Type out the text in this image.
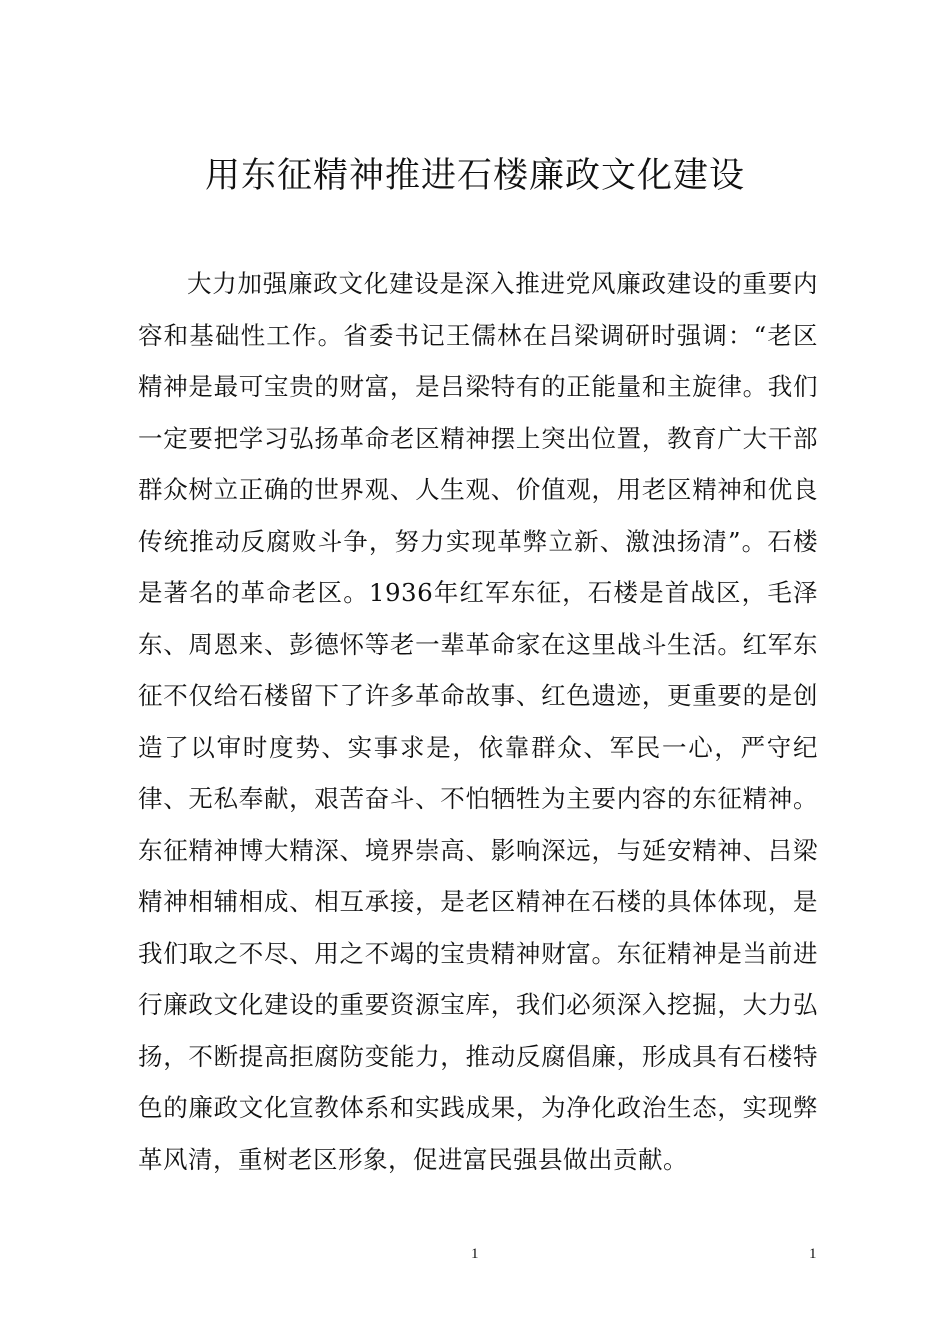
用东征精神推进石楼廉政文化建设

大力加强廉政文化建设是深入推进党风廉政建设的重要内容和基础性工作。省委书记王儒林在吕梁调研时强调：“老区精神是最可宝贵的财富，是吕梁特有的正能量和主旋律。我们一定要把学习弘扬革命老区精神摆上突出位置，教育广大干部群众树立正确的世界观、人生观、价值观，用老区精神和优良传统推动反腐败斗争，努力实现革弊立新、激浊扬清”。石楼是著名的革命老区。1936年红军东征，石楼是首战区，毛泽东、周恩来、彭德怀等老一辈革命家在这里战斗生活。红军东征不仅给石楼留下了许多革命故事、红色遗迹，更重要的是创造了以审时度势、实事求是，依靠群众、军民一心，严守纪律、无私奉献，艰苦奋斗、不怕牺牲为主要内容的东征精神。东征精神博大精深、境界崇高、影响深远，与延安精神、吕梁精神相辅相成、相互承接，是老区精神在石楼的具体体现，是我们取之不尽、用之不竭的宝贵精神财富。东征精神是当前进行廉政文化建设的重要资源宝库，我们必须深入挖掘，大力弘扬，不断提高拒腐防变能力，推动反腐倡廉，形成具有石楼特色的廉政文化宣教体系和实践成果，为净化政治生态，实现弊革风清，重树老区形象，促进富民强县做出贡献。

1	1
